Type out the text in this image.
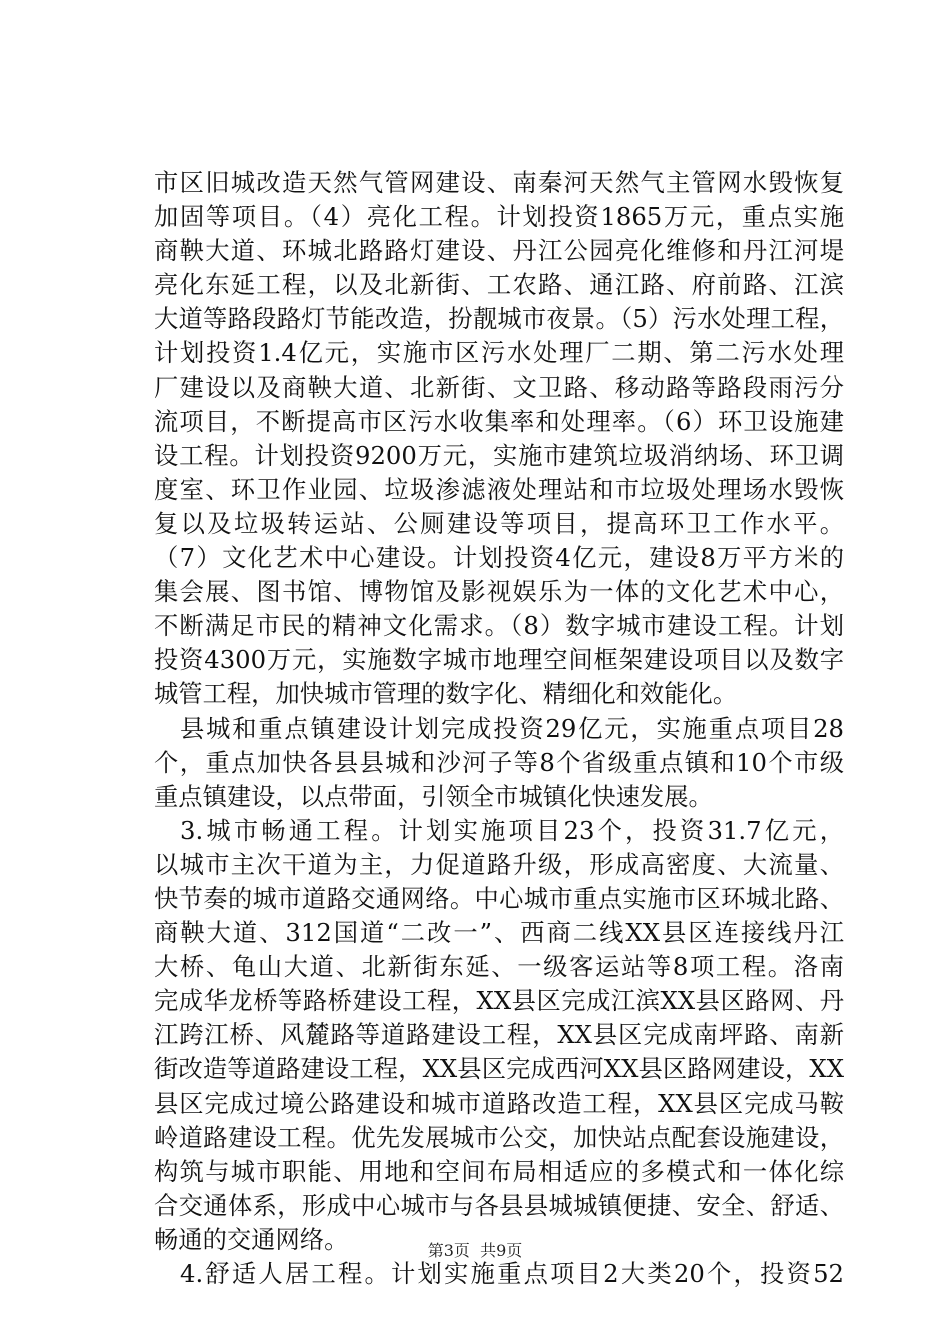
市区旧城改造天然气管网建设、南秦河天然气主管网水毁恢复
加固等项目。（4）亮化工程。计划投资1865万元，重点实施
商鞅大道、环城北路路灯建设、丹江公园亮化维修和丹江河堤
亮化东延工程，以及北新街、工农路、通江路、府前路、江滨
大道等路段路灯节能改造，扮靓城市夜景。（5）污水处理工程，
计划投资1.4亿元，实施市区污水处理厂二期、第二污水处理
厂建设以及商鞅大道、北新街、文卫路、移动路等路段雨污分
流项目，不断提高市区污水收集率和处理率。（6）环卫设施建
设工程。计划投资9200万元，实施市建筑垃圾消纳场、环卫调
度室、环卫作业园、垃圾渗滤液处理站和市垃圾处理场水毁恢
复以及垃圾转运站、公厕建设等项目，提高环卫工作水平。
（7）文化艺术中心建设。计划投资4亿元，建设8万平方米的
集会展、图书馆、博物馆及影视娱乐为一体的文化艺术中心，
不断满足市民的精神文化需求。（8）数字城市建设工程。计划
投资4300万元，实施数字城市地理空间框架建设项目以及数字
城管工程，加快城市管理的数字化、精细化和效能化。
县城和重点镇建设计划完成投资29亿元，实施重点项目28
个，重点加快各县县城和沙河子等8个省级重点镇和10个市级
重点镇建设，以点带面，引领全市城镇化快速发展。
3.城市畅通工程。计划实施项目23个，投资31.7亿元，
以城市主次干道为主，力促道路升级，形成高密度、大流量、
快节奏的城市道路交通网络。中心城市重点实施市区环城北路、
商鞅大道、312国道“二改一”、西商二线XX县区连接线丹江
大桥、龟山大道、北新街东延、一级客运站等8项工程。洛南
完成华龙桥等路桥建设工程，XX县区完成江滨XX县区路网、丹
江跨江桥、风麓路等道路建设工程，XX县区完成南坪路、南新
街改造等道路建设工程，XX县区完成西河XX县区路网建设，XX
县区完成过境公路建设和城市道路改造工程，XX县区完成马鞍
岭道路建设工程。优先发展城市公交，加快站点配套设施建设，
构筑与城市职能、用地和空间布局相适应的多模式和一体化综
合交通体系，形成中心城市与各县县城城镇便捷、安全、舒适、
畅通的交通网络。
4.舒适人居工程。计划实施重点项目2大类20个，投资52
第3页 共9页
